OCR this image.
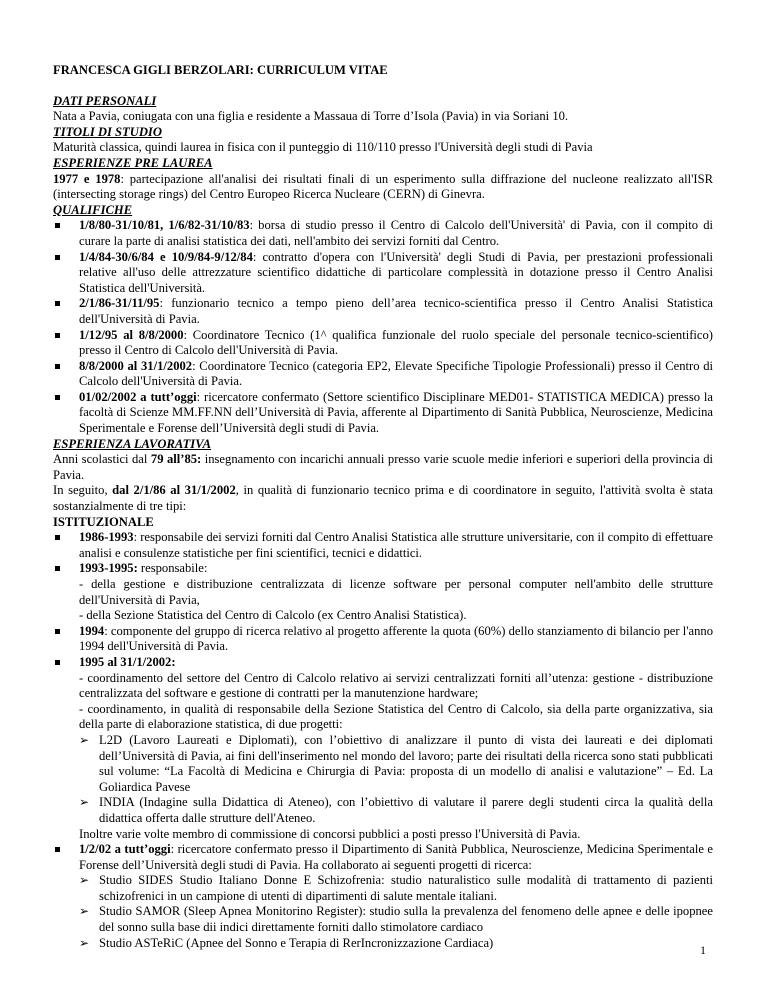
FRANCESCA GIGLI BERZOLARI: CURRICULUM VITAE

DATI PERSONALI

Nata a Pavia, coniugata con una figlia e residente a Massaua di Torre d’Isola (Pavia) in via Soriani 10.

TITOLI DI STUDIO

Maturità classica, quindi laurea in fisica con il punteggio di 110/110 presso l'Università degli studi di Pavia

ESPERIENZE PRE LAUREA

1977 e 1978: partecipazione all'analisi dei risultati finali di un esperimento sulla diffrazione del nucleone realizzato all'ISR (intersecting storage rings) del Centro Europeo Ricerca Nucleare (CERN) di Ginevra.

QUALIFICHE
1/8/80-31/10/81, 1/6/82-31/10/83: borsa di studio presso il Centro di Calcolo dell'Università' di Pavia, con il compito di curare la parte di analisi statistica dei dati, nell'ambito dei servizi forniti dal Centro.
1/4/84-30/6/84 e 10/9/84-9/12/84: contratto d'opera con l'Università' degli Studi di Pavia, per prestazioni professionali relative all'uso delle attrezzature scientifico didattiche di particolare complessità in dotazione presso il Centro Analisi Statistica dell'Università.
2/1/86-31/11/95: funzionario tecnico a tempo pieno dell’area tecnico-scientifica presso il Centro Analisi Statistica dell'Università di Pavia.
1/12/95 al 8/8/2000: Coordinatore Tecnico (1^ qualifica funzionale del ruolo speciale del personale tecnico-scientifico) presso il Centro di Calcolo dell'Università di Pavia.
8/8/2000 al 31/1/2002: Coordinatore Tecnico (categoria EP2, Elevate Specifiche Tipologie Professionali) presso il Centro di Calcolo dell'Università di Pavia.
01/02/2002 a tutt’oggi: ricercatore confermato (Settore scientifico Disciplinare MED01- STATISTICA MEDICA) presso la facoltà di Scienze MM.FF.NN dell’Università di Pavia, afferente al Dipartimento di Sanità Pubblica, Neuroscienze, Medicina Sperimentale e Forense dell’Università degli studi di Pavia.
ESPERIENZA LAVORATIVA

Anni scolastici dal 79 all’85: insegnamento con incarichi annuali presso varie scuole medie inferiori e superiori della provincia di Pavia.

In seguito, dal 2/1/86 al 31/1/2002, in qualità di funzionario tecnico prima e di coordinatore in seguito, l'attività svolta è stata sostanzialmente di tre tipi:

ISTITUZIONALE
1986-1993: responsabile dei servizi forniti dal Centro Analisi Statistica alle strutture universitarie, con il compito di effettuare analisi e consulenze statistiche per fini scientifici, tecnici e didattici.
1993-1995: responsabile:
- della gestione e distribuzione centralizzata di licenze software per personal computer nell'ambito delle strutture dell'Università di Pavia,
- della Sezione Statistica del Centro di Calcolo (ex Centro Analisi Statistica).
1994: componente del gruppo di ricerca relativo al progetto afferente la quota (60%) dello stanziamento di bilancio per l'anno 1994 dell'Università di Pavia.
1995 al 31/1/2002:
- coordinamento del settore del Centro di Calcolo relativo ai servizi centralizzati forniti all’utenza: gestione - distribuzione centralizzata del software e gestione di contratti per la manutenzione hardware;
- coordinamento, in qualità di responsabile della Sezione Statistica del Centro di Calcolo, sia della parte organizzativa, sia della parte di elaborazione statistica, di due progetti:
➢ L2D (Lavoro Laureati e Diplomati), con l’obiettivo di analizzare il punto di vista dei laureati e dei diplomati dell’Università di Pavia, ai fini dell'inserimento nel mondo del lavoro; parte dei risultati della ricerca sono stati pubblicati sul volume: “La Facoltà di Medicina e Chirurgia di Pavia: proposta di un modello di analisi e valutazione” – Ed. La Goliardica Pavese
➢ INDIA (Indagine sulla Didattica di Ateneo), con l’obiettivo di valutare il parere degli studenti circa la qualità della didattica offerta dalle strutture dell'Ateneo.
Inoltre varie volte membro di commissione di concorsi pubblici a posti presso l'Università di Pavia.
1/2/02 a tutt’oggi: ricercatore confermato presso il Dipartimento di Sanità Pubblica, Neuroscienze, Medicina Sperimentale e Forense dell’Università degli studi di Pavia. Ha collaborato ai seguenti progetti di ricerca:
➢ Studio SIDES Studio Italiano Donne E Schizofrenia: studio naturalistico sulle modalità di trattamento di pazienti schizofrenici in un campione di utenti di dipartimenti di salute mentale italiani.
➢ Studio SAMOR (Sleep Apnea Monitorino Register): studio sulla la prevalenza del fenomeno delle apnee e delle ipopnee del sonno sulla base dii indici direttamente forniti dallo stimolatore cardiaco
➢ Studio ASTeRiC (Apnee del Sonno e Terapia di RerIncronizzazione Cardiaca)
1
